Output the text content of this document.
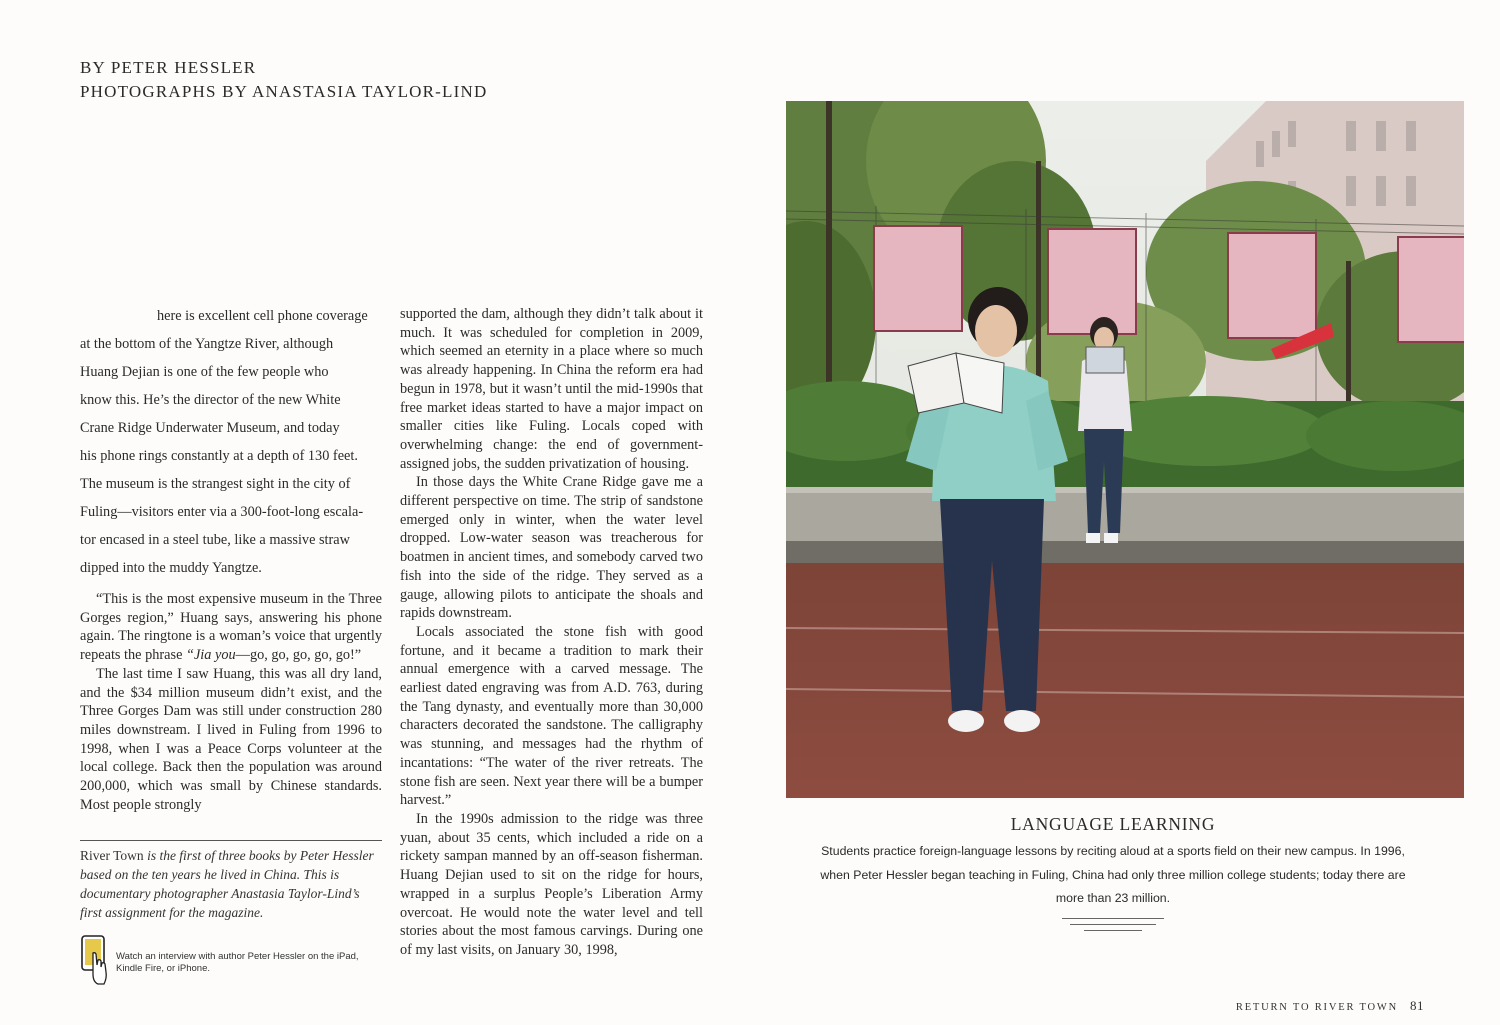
BY PETER HESSLER
PHOTOGRAPHS BY ANASTASIA TAYLOR-LIND
here is excellent cell phone coverage
at the bottom of the Yangtze River, although
Huang Dejian is one of the few people who
know this. He’s the director of the new White
Crane Ridge Underwater Museum, and today
his phone rings constantly at a depth of 130 feet.
The museum is the strangest sight in the city of
Fuling—visitors enter via a 300-foot-long escala-
tor encased in a steel tube, like a massive straw
dipped into the muddy Yangtze.

“This is the most expensive museum in the Three Gorges region,” Huang says, answering his phone again. The ringtone is a woman’s voice that urgently repeats the phrase “Jia you—go, go, go, go, go!”

The last time I saw Huang, this was all dry land, and the $34 million museum didn’t exist, and the Three Gorges Dam was still under construction 280 miles downstream. I lived in Fuling from 1996 to 1998, when I was a Peace Corps volunteer at the local college. Back then the population was around 200,000, which was small by Chinese standards. Most people strongly

supported the dam, although they didn’t talk about it much. It was scheduled for completion in 2009, which seemed an eternity in a place where so much was already happening. In China the reform era had begun in 1978, but it wasn’t until the mid-1990s that free market ideas started to have a major impact on smaller cities like Fuling. Locals coped with overwhelming change: the end of government-assigned jobs, the sudden privatization of housing.

In those days the White Crane Ridge gave me a different perspective on time. The strip of sandstone emerged only in winter, when the water level dropped. Low-water season was treacherous for boatmen in ancient times, and somebody carved two fish into the side of the ridge. They served as a gauge, allowing pilots to anticipate the shoals and rapids downstream.

Locals associated the stone fish with good fortune, and it became a tradition to mark their annual emergence with a carved message. The earliest dated engraving was from A.D. 763, during the Tang dynasty, and eventually more than 30,000 characters decorated the sandstone. The calligraphy was stunning, and messages had the rhythm of incantations: “The water of the river retreats. The stone fish are seen. Next year there will be a bumper harvest.”

In the 1990s admission to the ridge was three yuan, about 35 cents, which included a ride on a rickety sampan manned by an off-season fisherman. Huang Dejian used to sit on the ridge for hours, wrapped in a surplus People’s Liberation Army overcoat. He would note the water level and tell stories about the most famous carvings. During one of my last visits, on January 30, 1998,

River Town is the first of three books by Peter Hessler based on the ten years he lived in China. This is documentary photographer Anastasia Taylor-Lind’s first assignment for the magazine.
Watch an interview with author Peter Hessler on the iPad, Kindle Fire, or iPhone.
LANGUAGE LEARNING
Students practice foreign-language lessons by reciting aloud at a sports field on their new campus. In 1996, when Peter Hessler began teaching in Fuling, China had only three million college students; today there are more than 23 million.
RETURN TO RIVER TOWN 81
